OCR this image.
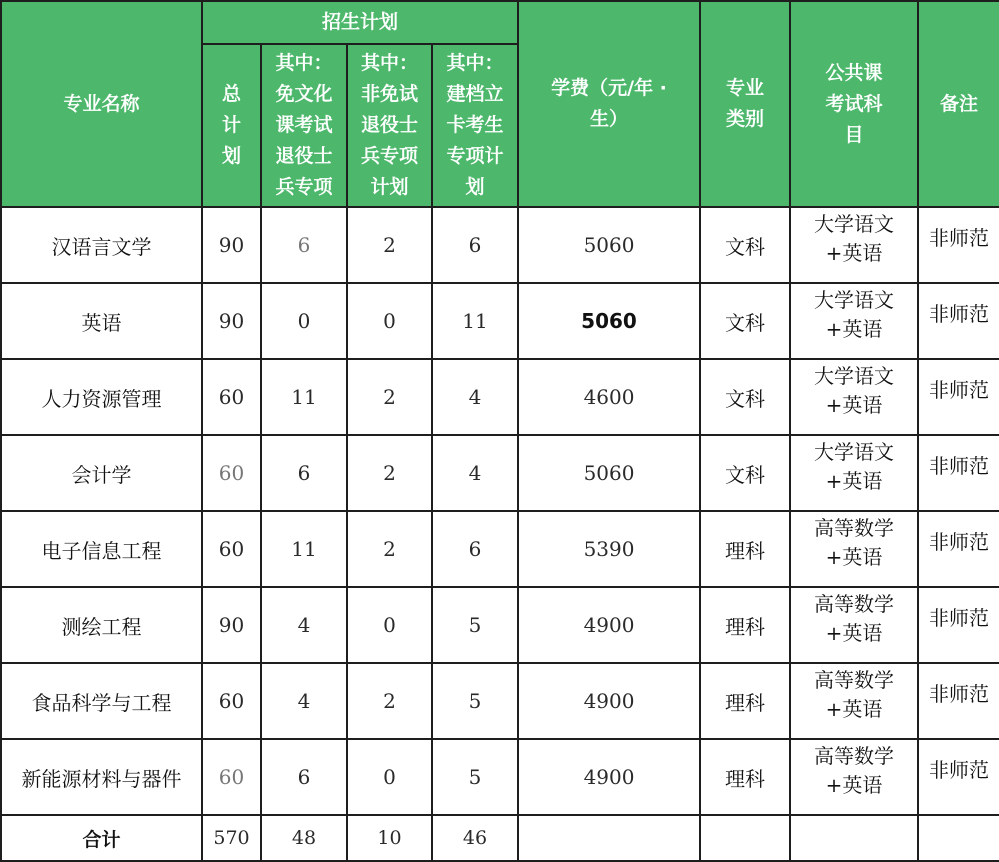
专业名称	招生计划				学费（元/年 · 生）	专业类别	公共课考试科目	备注

	总计划	其中：免文化课考试退役士兵专项	其中：非免试退役士兵专项计划	其中：建档立卡考生专项计划				

汉语言文学	90	6	2	6	5060	文科	大学语文+英语	非师范
英语	90	0	0	11	5060	文科	大学语文+英语	非师范
人力资源管理	60	11	2	4	4600	文科	大学语文+英语	非师范
会计学	60	6	2	4	5060	文科	大学语文+英语	非师范
电子信息工程	60	11	2	6	5390	理科	高等数学+英语	非师范
测绘工程	90	4	0	5	4900	理科	高等数学+英语	非师范
食品科学与工程	60	4	2	5	4900	理科	高等数学+英语	非师范
新能源材料与器件	60	6	0	5	4900	理科	高等数学+英语	非师范
合计	570	48	10	46				
